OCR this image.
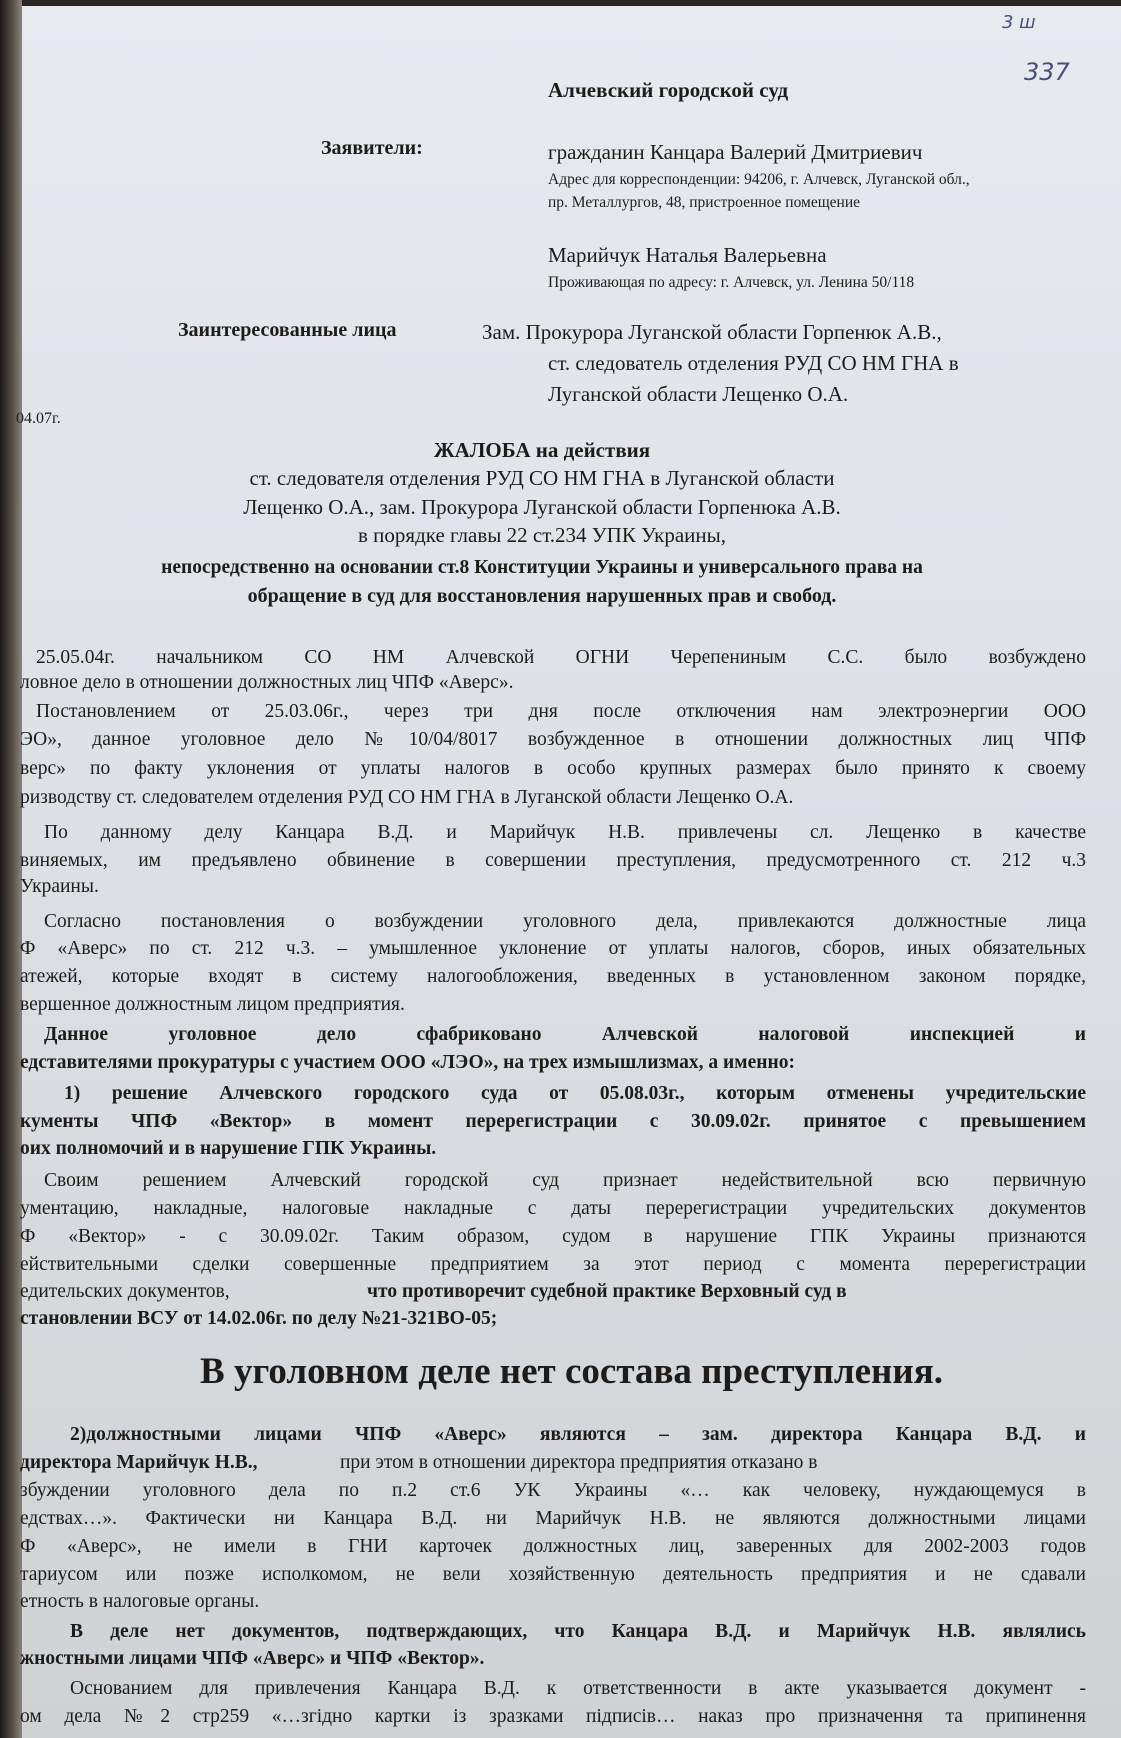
3 ш
337
Алчевский городской суд
Заявители:	гражданин Канцара Валерий Дмитриевич
Адрес для корреспонденции: 94206, г. Алчевск, Луганской обл.,
пр. Металлургов, 48, пристроенное помещение
Марийчук Наталья Валерьевна
Проживающая по адресу: г. Алчевск, ул. Ленина 50/118
Заинтересованные лица	Зам. Прокурора Луганской области Горпенюк А.В.,
ст. следователь отделения РУД СО НМ ГНА в
Луганской области Лещенко О.А.
04.07г.
ЖАЛОБА на действия
ст. следователя отделения РУД СО НМ ГНА в Луганской области
Лещенко О.А., зам. Прокурора Луганской области Горпенюка А.В.
в порядке главы 22 ст.234 УПК Украины,
непосредственно на основании ст.8 Конституции Украины и универсального права на
обращение в суд для восстановления нарушенных прав и свобод.
25.05.04г. начальником СО НМ Алчевской ОГНИ Черепениным С.С. было возбуждено
ловное дело в отношении должностных лиц ЧПФ «Аверс».
Постановлением от 25.03.06г., через три дня после отключения нам электроэнергии ООО
ЭО», данное уголовное дело №10/04/8017 возбужденное в отношении должностных лиц ЧПФ
верс» по факту уклонения от уплаты налогов в особо крупных размерах было принято к своему
ризводству ст. следователем отделения РУД СО НМ ГНА в Луганской области Лещенко О.А.
По данному делу Канцара В.Д. и Марийчук Н.В. привлечены сл. Лещенко в качестве
виняемых, им предъявлено обвинение в совершении преступления, предусмотренного ст. 212 ч.3
Украины.
Согласно постановления о возбуждении уголовного дела, привлекаются должностные лица
Ф «Аверс» по ст. 212 ч.3. – умышленное уклонение от уплаты налогов, сборов, иных обязательных
атежей, которые входят в систему налогообложения, введенных в установленном законом порядке,
вершенное должностным лицом предприятия.
Данное уголовное дело сфабриковано Алчевской налоговой инспекцией и
едставителями прокуратуры с участием ООО «ЛЭО», на трех измышлизмах, а именно:
1) решение Алчевского городского суда от 05.08.03г., которым отменены учредительские
кументы ЧПФ «Вектор» в момент перерегистрации с 30.09.02г. принятое с превышением
оих полномочий и в нарушение ГПК Украины.
Своим решением Алчевский городской суд признает недействительной всю первичную
ументацию, накладные, налоговые накладные с даты перерегистрации учредительских документов
Ф «Вектор» - с 30.09.02г. Таким образом, судом в нарушение ГПК Украины признаются
ействительными сделки совершенные предприятием за этот период с момента перерегистрации
едительских документов,	что противоречит судебной практике Верховный суд в
становлении ВСУ от 14.02.06г. по делу №21-321ВО-05;
В уголовном деле нет состава преступления.
2)должностными лицами ЧПФ «Аверс» являются – зам. директора Канцара В.Д. и
директора Марийчук Н.В.,	при этом в отношении директора предприятия отказано в
збуждении уголовного дела по п.2 ст.6 УК Украины «… как человеку, нуждающемуся в
едствах…». Фактически ни Канцара В.Д. ни Марийчук Н.В. не являются должностными лицами
Ф «Аверс», не имели в ГНИ карточек должностных лиц, заверенных для 2002-2003 годов
тариусом или позже исполкомом, не вели хозяйственную деятельность предприятия и не сдавали
етность в налоговые органы.
В деле нет документов, подтверждающих, что Канцара В.Д. и Марийчук Н.В. являлись
жностными лицами ЧПФ «Аверс» и ЧПФ «Вектор».
Основанием для привлечения Канцара В.Д. к ответственности в акте указывается документ -
ом дела №2 стр259 «…згідно картки із зразками підписів… наказ про призначення та припинення
